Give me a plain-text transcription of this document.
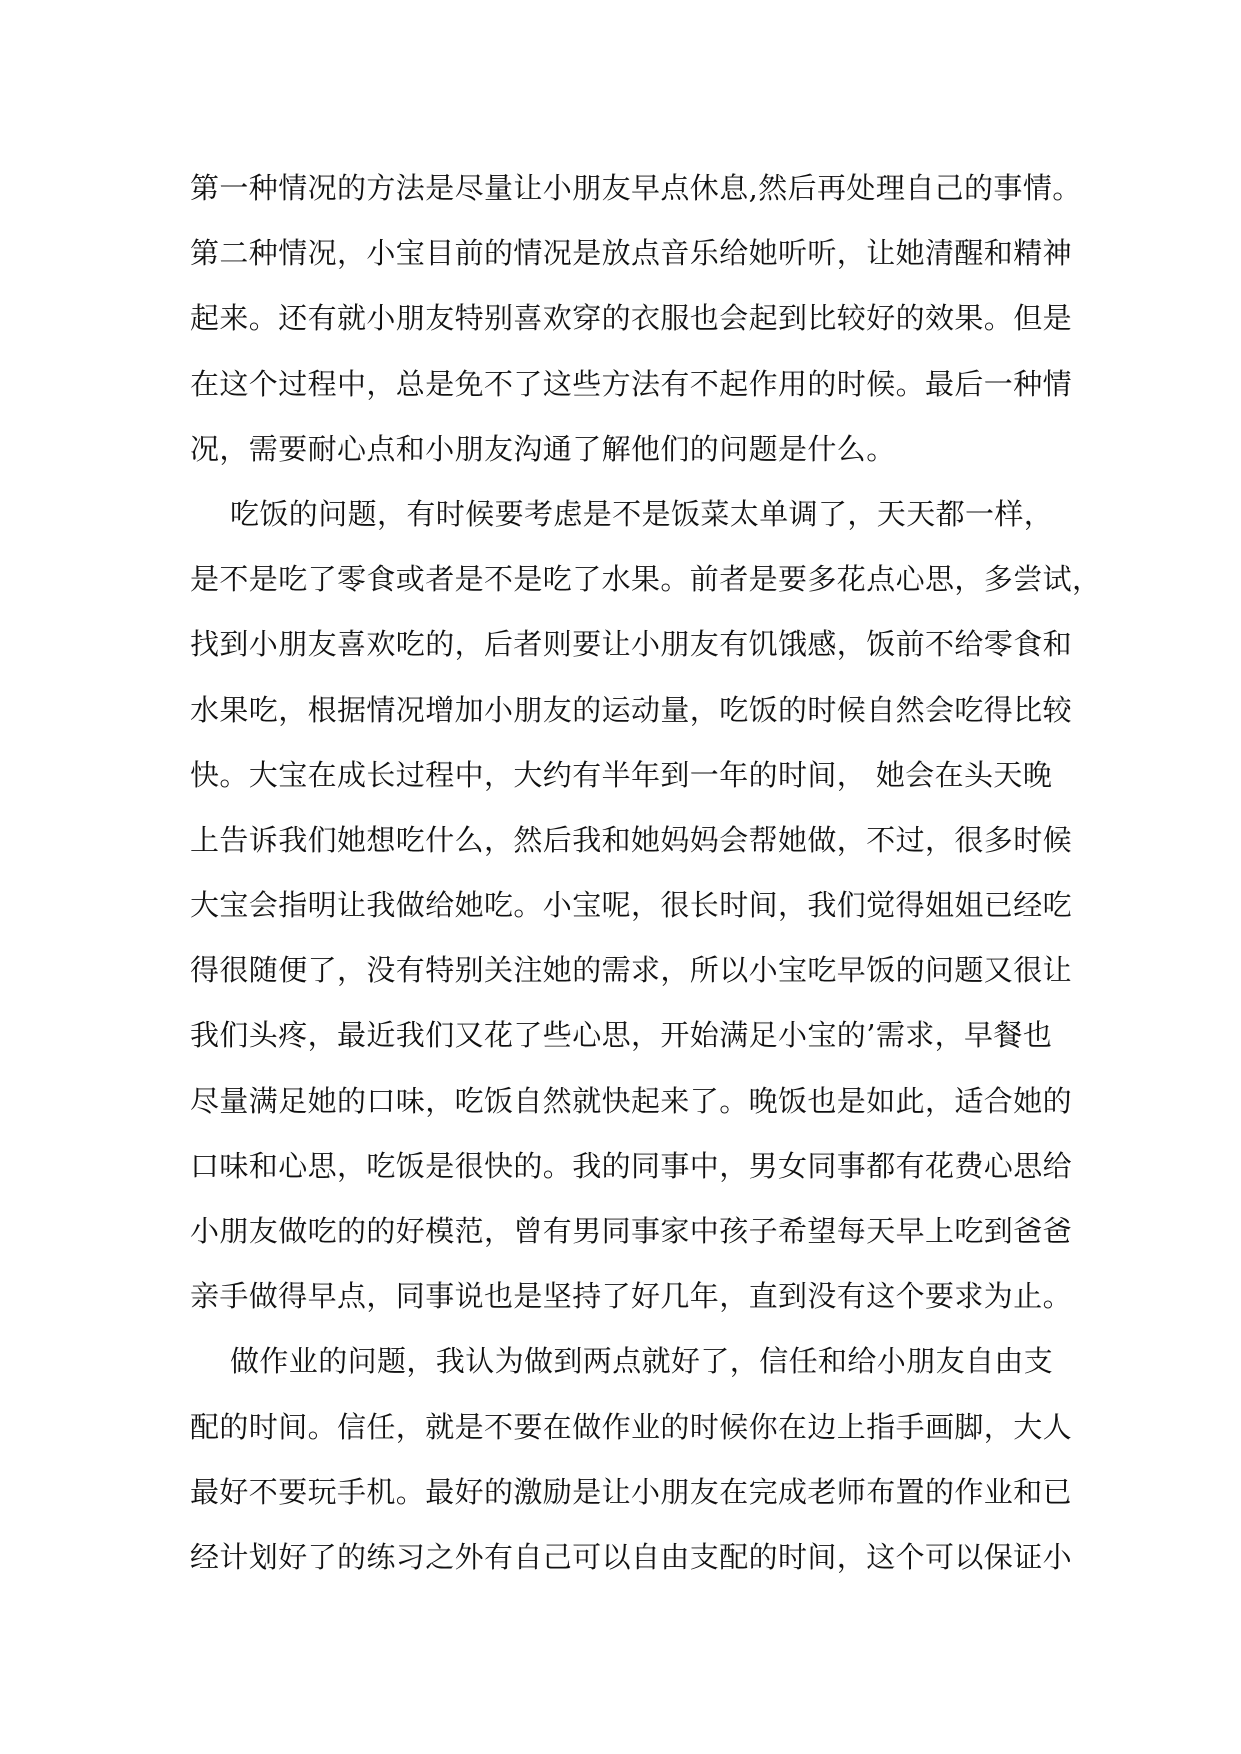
第一种情况的方法是尽量让小朋友早点休息,然后再处理自己的事情。
第二种情况，小宝目前的情况是放点音乐给她听听，让她清醒和精神
起来。还有就小朋友特别喜欢穿的衣服也会起到比较好的效果。但是
在这个过程中，总是免不了这些方法有不起作用的时候。最后一种情
况，需要耐心点和小朋友沟通了解他们的问题是什么。
吃饭的问题，有时候要考虑是不是饭菜太单调了，天天都一样，
是不是吃了零食或者是不是吃了水果。前者是要多花点心思，多尝试，
找到小朋友喜欢吃的，后者则要让小朋友有饥饿感，饭前不给零食和
水果吃，根据情况增加小朋友的运动量，吃饭的时候自然会吃得比较
快。大宝在成长过程中，大约有半年到一年的时间， 她会在头天晚
上告诉我们她想吃什么，然后我和她妈妈会帮她做，不过，很多时候
大宝会指明让我做给她吃。小宝呢，很长时间，我们觉得姐姐已经吃
得很随便了，没有特别关注她的需求，所以小宝吃早饭的问题又很让
我们头疼，最近我们又花了些心思，开始满足小宝的’需求，早餐也
尽量满足她的口味，吃饭自然就快起来了。晚饭也是如此，适合她的
口味和心思，吃饭是很快的。我的同事中，男女同事都有花费心思给
小朋友做吃的的好模范，曾有男同事家中孩子希望每天早上吃到爸爸
亲手做得早点，同事说也是坚持了好几年，直到没有这个要求为止。
做作业的问题，我认为做到两点就好了，信任和给小朋友自由支
配的时间。信任，就是不要在做作业的时候你在边上指手画脚，大人
最好不要玩手机。最好的激励是让小朋友在完成老师布置的作业和已
经计划好了的练习之外有自己可以自由支配的时间，这个可以保证小
